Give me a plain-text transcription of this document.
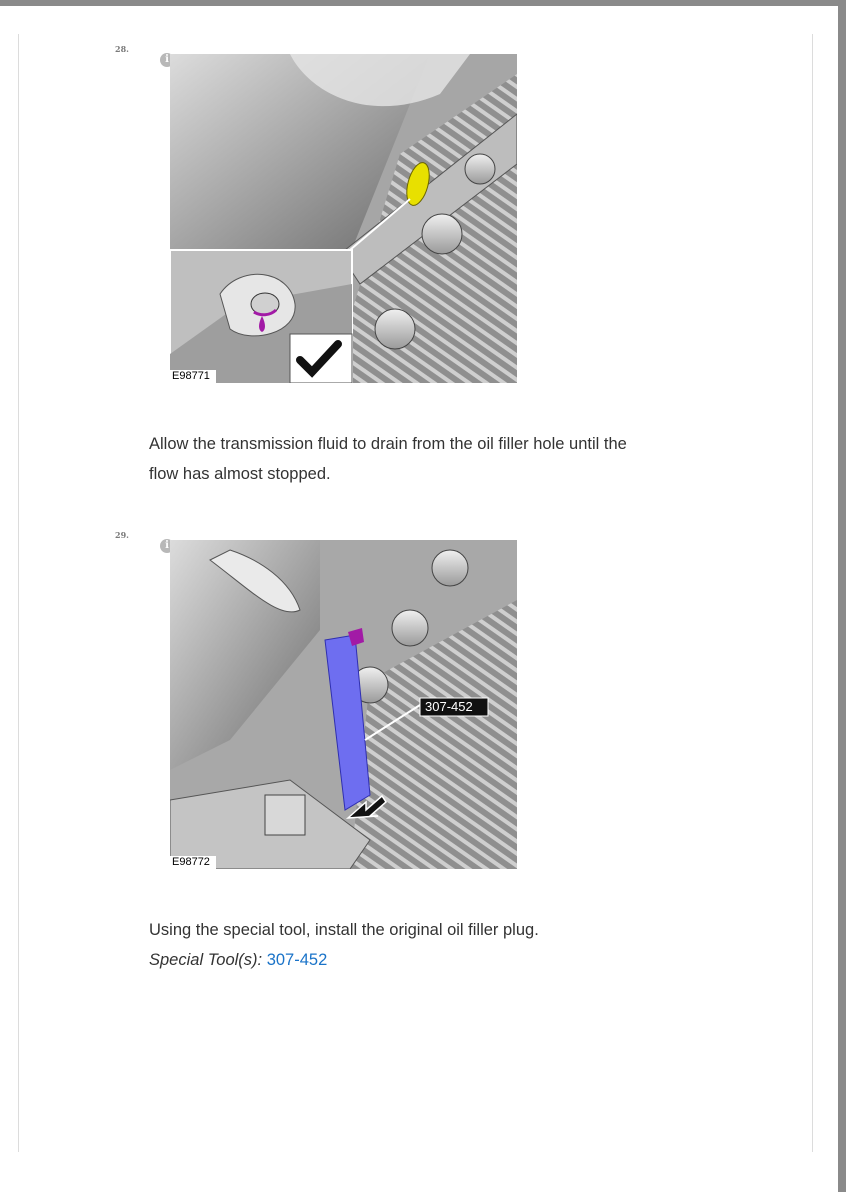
28.
i
E98771
Allow the transmission fluid to drain from the oil filler hole until the
flow has almost stopped.
29.
i
307-452
E98772
Using the special tool, install the original oil filler plug.
Special Tool(s): 307-452
